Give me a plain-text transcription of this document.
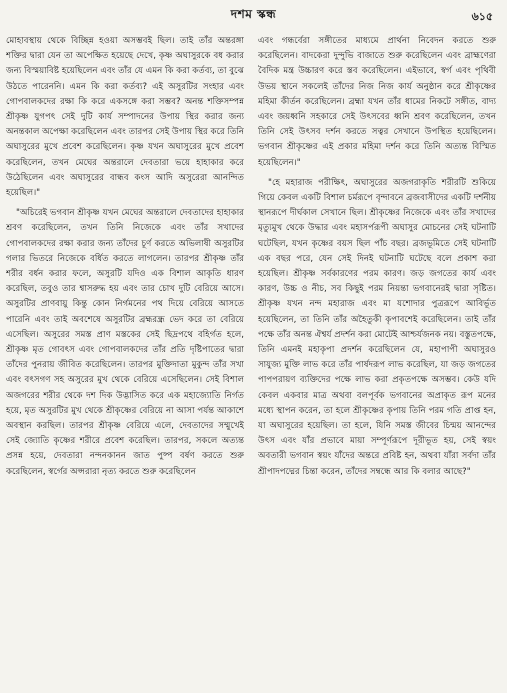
দশম স্কন্ধ	৬১৫

মোহাবস্থায় থেকে বিচ্ছিন্ন হওয়া অসম্ভবই ছিল। তাই তাঁর অন্তরঙ্গা শক্তির দ্বারা যেন তা অপেক্ষিত হয়েছে দেখে, কৃষ্ণ অঘাসুরকে বধ করার জন্য বিস্ময়াবিষ্ট হয়েছিলেন এবং তাঁর যে এমন কি করা কর্তব্য, তা বুঝে উঠতে পারেননি। এমন কি করা কর্তব্য? এই অসুরটির সংহার এবং গোপবালকদের রক্ষা কি করে একসঙ্গে করা সম্ভব? অনন্ত শক্তিসম্পন্ন শ্রীকৃষ্ণ যুগপৎ সেই দুটি কার্য সম্পাদনের উপায় স্থির করার জন্য অনন্তকাল অপেক্ষা করেছিলেন এবং তারপর সেই উপায় স্থির করে তিনি অঘাসুরের মুখে প্রবেশ করেছিলেন। কৃষ্ণ যখন অঘাসুরের মুখে প্রবেশ করেছিলেন, তখন মেঘের অন্তরালে দেবতারা ভয়ে হাহাকার করে উঠেছিলেন এবং অঘাসুরের বান্ধব কংস আদি অসুরেরা আনন্দিত হয়েছিল।"

"অচিরেই ভগবান শ্রীকৃষ্ণ যখন মেঘের অন্তরালে দেবতাদের হাহাকার শ্রবণ করেছিলেন, তখন তিনি নিজেকে এবং তাঁর সখাদের গোপবালকদের রক্ষা করার জন্য তাঁদের চূর্ণ করতে অভিলাষী অসুরটির গলার ভিতরে নিজেকে বর্ধিত করতে লাগলেন। তারপর শ্রীকৃষ্ণ তাঁর শরীর বর্ধন করার ফলে, অসুরটি যদিও এক বিশাল আকৃতি ধারণ করেছিল, তবুও তার শ্বাসরুদ্ধ হয় এবং তার চোখ দুটি বেরিয়ে আসে। অসুরটির প্রাণবায়ু কিন্তু কোন নির্গমনের পথ দিয়ে বেরিয়ে আসতে পারেনি এবং তাই অবশেষে অসুরটির ব্রহ্মরন্ধ্র ভেদ করে তা বেরিয়ে এসেছিল। অসুরের সমস্ত প্রাণ মস্তকের সেই ছিদ্রপথে বহির্গত হলে, শ্রীকৃষ্ণ মৃত গোবৎস এবং গোপবালকদের তাঁর প্রতি দৃষ্টিপাতের দ্বারা তাঁদের পুনরায় জীবিত করেছিলেন। তারপর মুক্তিদাতা মুকুন্দ তাঁর সখা এবং বৎসগণ সহ অসুরের মুখ থেকে বেরিয়ে এসেছিলেন। সেই বিশাল অজগরের শরীর থেকে দশ দিক উদ্ভাসিত করে এক মহাজ্যোতি নির্গত হয়ে, মৃত অসুরটির মুখ থেকে শ্রীকৃষ্ণের বেরিয়ে না আসা পর্যন্ত আকাশে অবস্থান করছিল। তারপর শ্রীকৃষ্ণ বেরিয়ে এলে, দেবতাদের সম্মুখেই সেই জ্যোতি কৃষ্ণের শরীরে প্রবেশ করেছিল। তারপর, সকলে অত্যন্ত প্রসন্ন হয়ে, দেবতারা নন্দনকানন জাত পুষ্প বর্ষণ করতে শুরু করেছিলেন, স্বর্গের অপ্সরারা নৃত্য করতে শুরু করেছিলেন

এবং গন্ধর্বেরা সঙ্গীতের মাধ্যমে প্রার্থনা নিবেদন করতে শুরু করেছিলেন। বাদকেরা দুন্দুভি বাজাতে শুরু করেছিলেন এবং ব্রাহ্মণেরা বৈদিক মন্ত্র উচ্চারণ করে স্তব করেছিলেন। এইভাবে, স্বর্গ এবং পৃথিবী উভয় স্থানে সকলেই তাঁদের নিজ নিজ কার্য অনুষ্ঠান করে শ্রীকৃষ্ণের মহিমা কীর্তন করেছিলেন। ব্রহ্মা যখন তাঁর ধামের নিকটে সঙ্গীত, বাদ্য এবং জয়ধ্বনি সহকারে সেই উৎসবের ধ্বনি শ্রবণ করেছিলেন, তখন তিনি সেই উৎসব দর্শন করতে সত্বর সেখানে উপস্থিত হয়েছিলেন। ভগবান শ্রীকৃষ্ণের এই প্রকার মহিমা দর্শন করে তিনি অত্যন্ত বিস্মিত হয়েছিলেন।"

"হে মহারাজ পরীক্ষিৎ, অঘাসুরের অজগরাকৃতি শরীরটি শুকিয়ে গিয়ে কেবল একটি বিশাল চর্মরূপে বৃন্দাবনে ব্রজবাসীদের একটি দর্শনীয় স্থানরূপে দীর্ঘকাল সেখানে ছিল। শ্রীকৃষ্ণের নিজেকে এবং তাঁর সখাদের মৃত্যুমুখ থেকে উদ্ধার এবং মহাসর্পরূপী অঘাসুর মোচনের সেই ঘটনাটি ঘটেছিল, যখন কৃষ্ণের বয়স ছিল পাঁচ বছর। ব্রজভূমিতে সেই ঘটনাটি এক বছর পরে, যেন সেই দিনই ঘটনাটি ঘটেছে বলে প্রকাশ করা হয়েছিল। শ্রীকৃষ্ণ সর্বকারণের পরম কারণ। জড় জগতের কার্য এবং কারণ, উচ্চ ও নীচ, সব কিছুই পরম নিয়ন্তা ভগবানেরই দ্বারা সৃষ্টিত। শ্রীকৃষ্ণ যখন নন্দ মহারাজ এবং মা যশোদার পুত্ররূপে আবির্ভূত হয়েছিলেন, তা তিনি তাঁর অহৈতুকী কৃপাবশেই করেছিলেন। তাই তাঁর পক্ষে তাঁর অনন্ত ঐশ্বর্য প্রদর্শন করা মোটেই আশ্চর্যজনক নয়। বস্তুতপক্ষে, তিনি এমনই মহাকৃপা প্রদর্শন করেছিলেন যে, মহাপাপী অঘাসুরও সাযুজ্য মুক্তি লাভ করে তাঁর পার্ষদরূপ লাভ করেছিল, যা জড় জগতের পাপপরায়ণ ব্যক্তিদের পক্ষে লাভ করা প্রকৃতপক্ষে অসম্ভব। কেউ যদি কেবল একবার মাত্র অথবা বলপূর্বক ভগবানের অপ্রাকৃত রূপ মনের মধ্যে স্থাপন করেন, তা হলে শ্রীকৃষ্ণের কৃপায় তিনি পরম গতি প্রাপ্ত হন, যা অঘাসুরের হয়েছিল। তা হলে, যিনি সমস্ত জীবের চিন্ময় আনন্দের উৎস এবং যাঁর প্রভাবে মায়া সম্পূর্ণরূপে দূরীভূত হয়, সেই স্বয়ং অবতারী ভগবান স্বয়ং যাঁদের অন্তরে প্রবিষ্ট হন, অথবা যাঁরা সর্বদা তাঁর শ্রীপাদপদ্মের চিন্তা করেন, তাঁদের সম্বন্ধে আর কি বলার আছে?"
